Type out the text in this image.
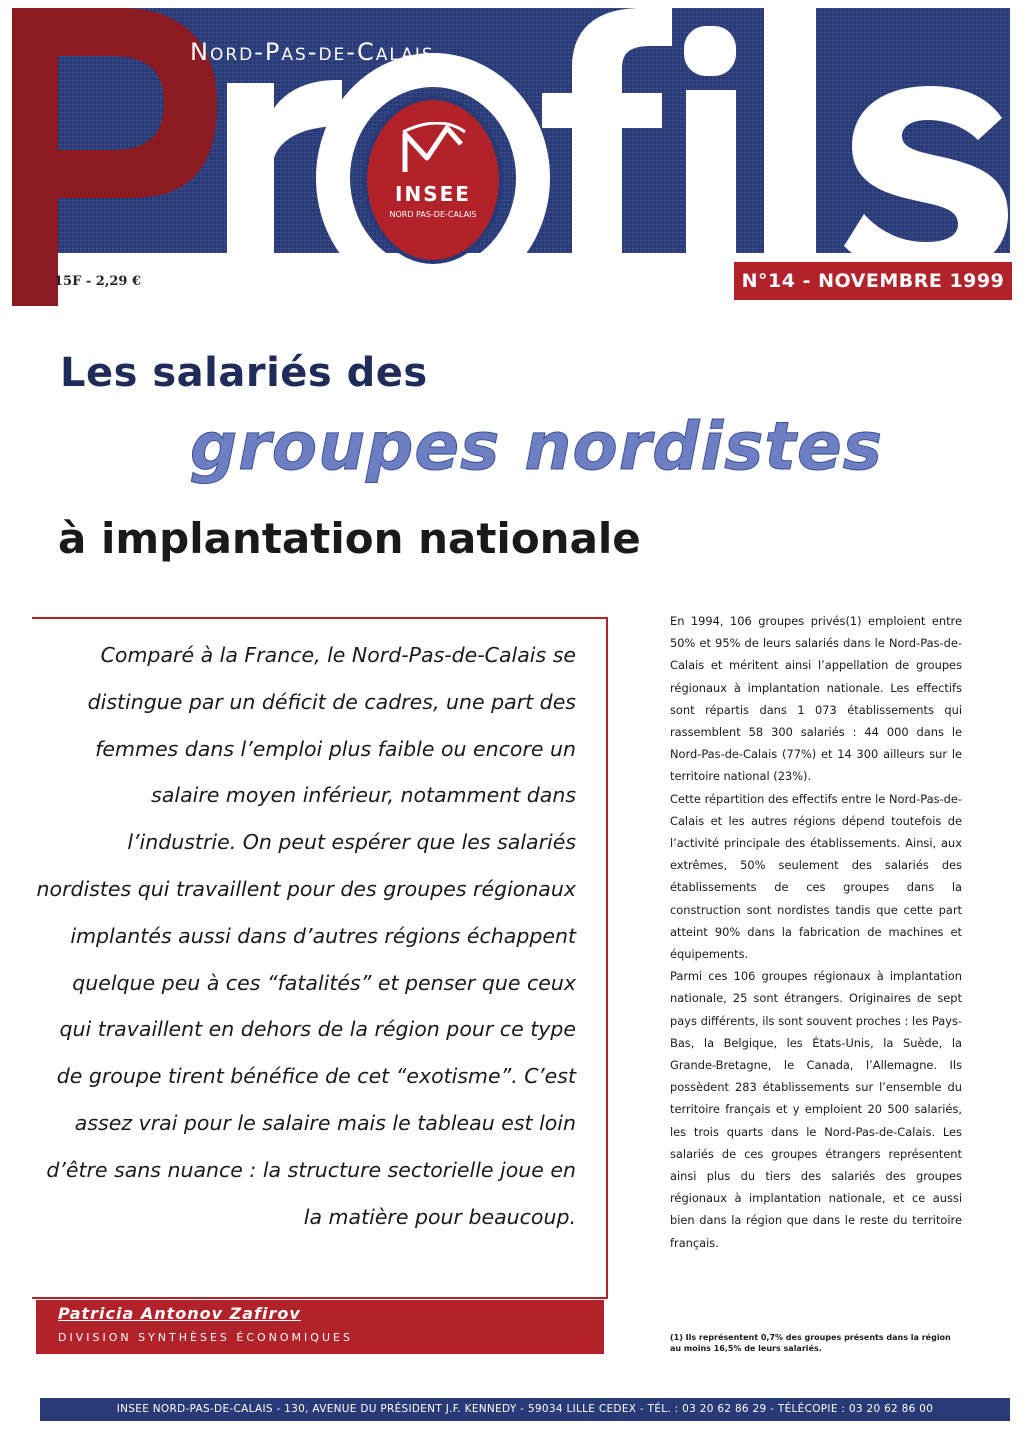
Nord-Pas-de-Calais
INSEE
NORD PAS-DE-CALAIS
15F - 2,29 €	N°14 - NOVEMBRE 1999
Les salariés des
groupes nordistes
à implantation nationale
Comparé à la France, le Nord-Pas-de-Calais se distingue par un déficit de cadres, une part des femmes dans l’emploi plus faible ou encore un salaire moyen inférieur, notamment dans l’industrie. On peut espérer que les salariés nordistes qui travaillent pour des groupes régionaux implantés aussi dans d’autres régions échappent quelque peu à ces “fatalités” et penser que ceux qui travaillent en dehors de la région pour ce type de groupe tirent bénéfice de cet “exotisme”. C’est assez vrai pour le salaire mais le tableau est loin d’être sans nuance : la structure sectorielle joue en la matière pour beaucoup.
Patricia Antonov Zafirov
DIVISION SYNTHÈSES ÉCONOMIQUES

En 1994, 106 groupes privés(1) emploient entre 50% et 95% de leurs salariés dans le Nord-Pas-de-Calais et méritent ainsi l’appellation de groupes régionaux à implantation nationale. Les effectifs sont répartis dans 1 073 établissements qui rassemblent 58 300 salariés : 44 000 dans le Nord-Pas-de-Calais (77%) et 14 300 ailleurs sur le territoire national (23%).

Cette répartition des effectifs entre le Nord-Pas-de-Calais et les autres régions dépend toutefois de l’activité principale des établissements. Ainsi, aux extrêmes, 50% seulement des salariés des établissements de ces groupes dans la construction sont nordistes tandis que cette part atteint 90% dans la fabrication de machines et équipements.

Parmi ces 106 groupes régionaux à implantation nationale, 25 sont étrangers. Originaires de sept pays différents, ils sont souvent proches : les Pays-Bas, la Belgique, les États-Unis, la Suède, la Grande-Bretagne, le Canada, l’Allemagne. Ils possèdent 283 établissements sur l’ensemble du territoire français et y emploient 20 500 salariés, les trois quarts dans le Nord-Pas-de-Calais. Les salariés de ces groupes étrangers représentent ainsi plus du tiers des salariés des groupes régionaux à implantation nationale, et ce aussi bien dans la région que dans le reste du territoire français.

(1) Ils représentent 0,7% des groupes présents dans la région au moins 16,5% de leurs salariés.
INSEE NORD-PAS-DE-CALAIS - 130, AVENUE DU PRÉSIDENT J.F. KENNEDY - 59034 LILLE CEDEX - TÉL. : 03 20 62 86 29 - TÉLÉCOPIE : 03 20 62 86 00
